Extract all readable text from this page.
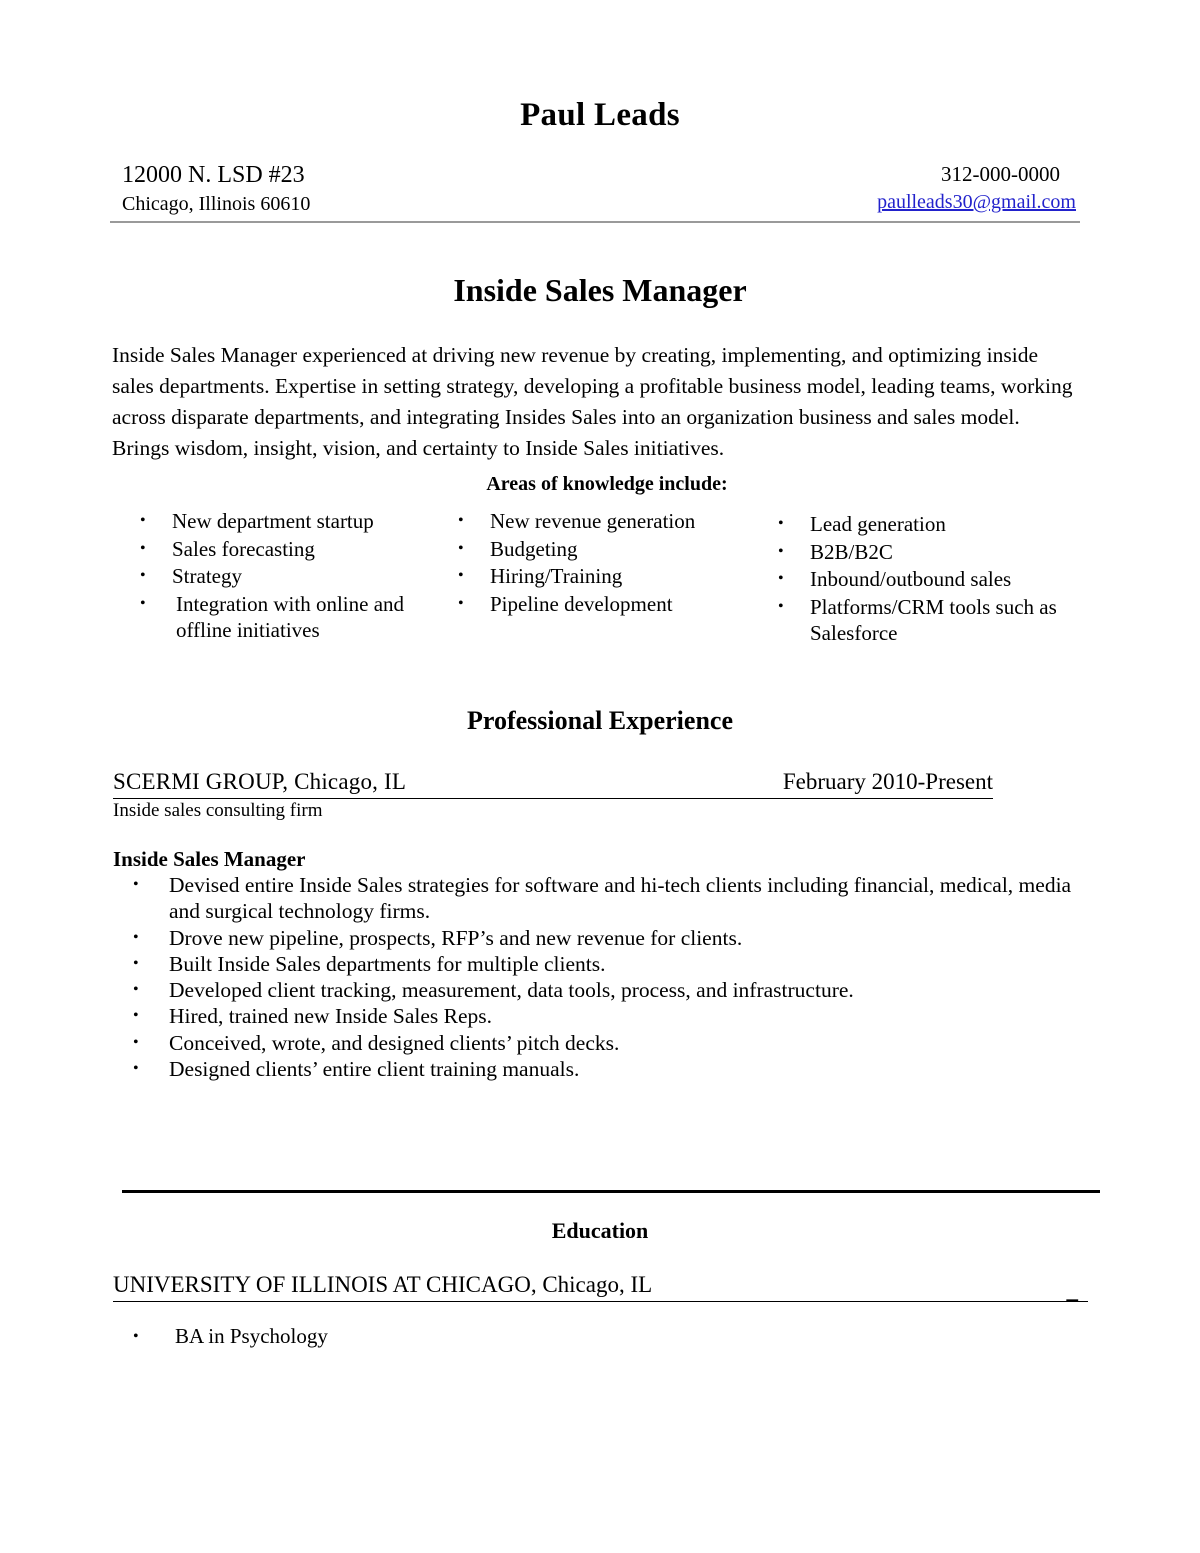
Paul Leads
12000 N. LSD #23
Chicago, Illinois 60610
312-000-0000
paulleads30@gmail.com
Inside Sales Manager
Inside Sales Manager experienced at driving new revenue by creating, implementing, and optimizing inside sales departments. Expertise in setting strategy, developing a profitable business model, leading teams, working across disparate departments, and integrating Insides Sales into an organization business and sales model. Brings wisdom, insight, vision, and certainty to Inside Sales initiatives.
Areas of knowledge include:
•	New department startup
•	Sales forecasting
•	Strategy
•	Integration with online and offline initiatives
•	New revenue generation
•	Budgeting
•	Hiring/Training
•	Pipeline development
•	Lead generation
•	B2B/B2C
•	Inbound/outbound sales
•	Platforms/CRM tools such as Salesforce
Professional Experience
SCERMI GROUP, Chicago, IL	February 2010-Present
Inside sales consulting firm
Inside Sales Manager
•	Devised entire Inside Sales strategies for software and hi-tech clients including financial, medical, media and surgical technology firms.
•	Drove new pipeline, prospects, RFP’s and new revenue for clients.
•	Built Inside Sales departments for multiple clients.
•	Developed client tracking, measurement, data tools, process, and infrastructure.
•	Hired, trained new Inside Sales Reps.
•	Conceived, wrote, and designed clients’ pitch decks.
•	Designed clients’ entire client training manuals.
Education
UNIVERSITY OF ILLINOIS AT CHICAGO, Chicago, IL	_
•	BA in Psychology
